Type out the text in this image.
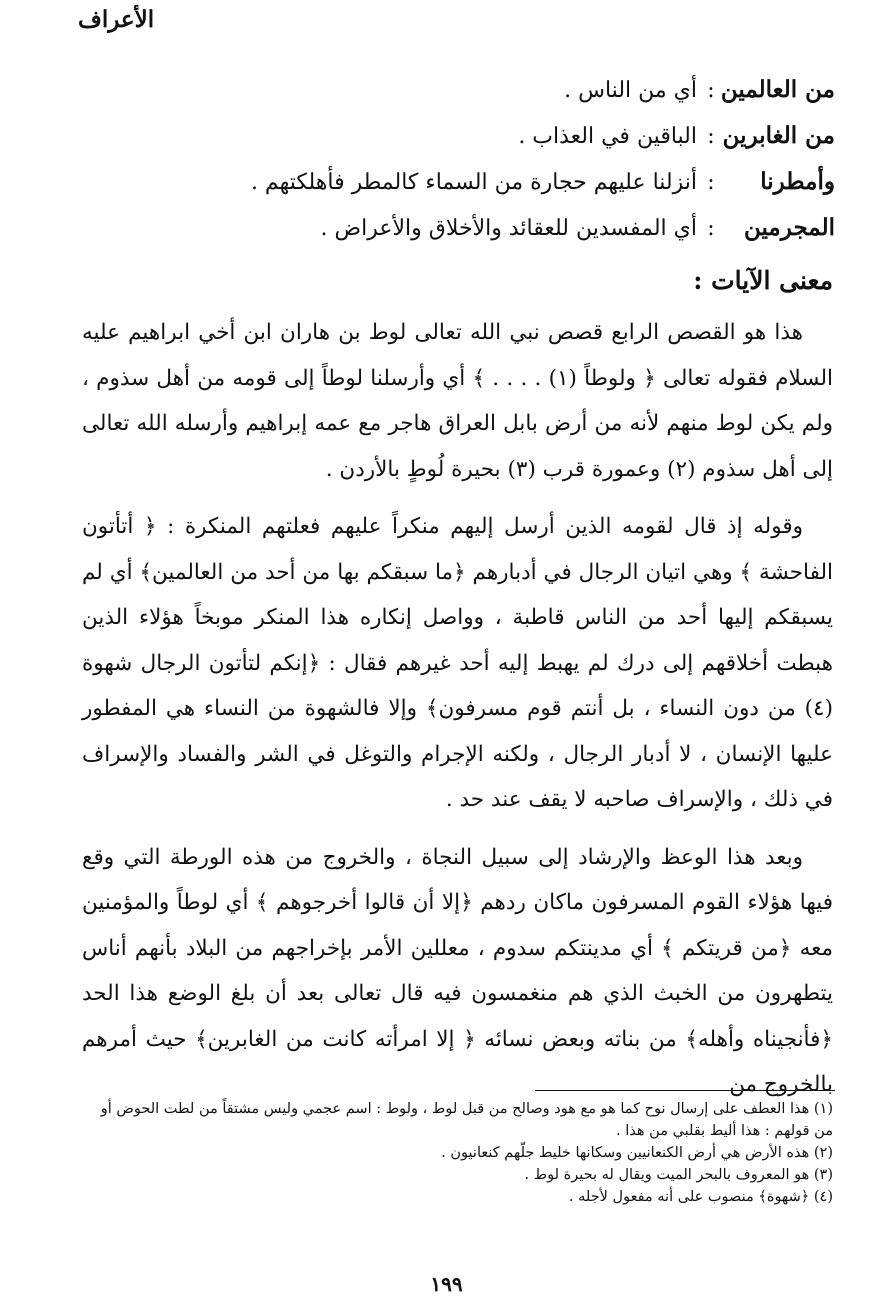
الأعراف
من العالمين
:
أي من الناس .
من الغابرين
:
الباقين في العذاب .
وأمطرنا
:
أنزلنا عليهم حجارة من السماء كالمطر فأهلكتهم .
المجرمين
:
أي المفسدين للعقائد والأخلاق والأعراض .
معنى الآيات :

هذا هو القصص الرابع قصص نبي الله تعالى لوط بن هاران ابن أخي ابراهيم عليه السلام فقوله تعالى ﴿ ولوطاً (١) . . . . ﴾ أي وأرسلنا لوطاً إلى قومه من أهل سذوم ، ولم يكن لوط منهم لأنه من أرض بابل العراق هاجر مع عمه إبراهيم وأرسله الله تعالى إلى أهل سذوم (٢) وعمورة قرب (٣) بحيرة لُوطٍ بالأردن .

وقوله إذ قال لقومه الذين أرسل إليهم منكراً عليهم فعلتهم المنكرة : ﴿ أتأتون الفاحشة ﴾ وهي اتيان الرجال في أدبارهم ﴿ما سبقكم بها من أحد من العالمين﴾ أي لم يسبقكم إليها أحد من الناس قاطبة ، وواصل إنكاره هذا المنكر موبخاً هؤلاء الذين هبطت أخلاقهم إلى درك لم يهبط إليه أحد غيرهم فقال : ﴿إنكم لتأتون الرجال شهوة (٤) من دون النساء ، بل أنتم قوم مسرفون﴾ وإلا فالشهوة من النساء هي المفطور عليها الإنسان ، لا أدبار الرجال ، ولكنه الإجرام والتوغل في الشر والفساد والإسراف في ذلك ، والإسراف صاحبه لا يقف عند حد .

وبعد هذا الوعظ والإرشاد إلى سبيل النجاة ، والخروج من هذه الورطة التي وقع فيها هؤلاء القوم المسرفون ماكان ردهم ﴿إلا أن قالوا أخرجوهم ﴾ أي لوطاً والمؤمنين معه ﴿من قريتكم ﴾ أي مدينتكم سدوم ، معللين الأمر بإخراجهم من البلاد بأنهم أناس يتطهرون من الخبث الذي هم منغمسون فيه قال تعالى بعد أن بلغ الوضع هذا الحد ﴿فأنجيناه وأهله﴾ من بناته وبعض نسائه ﴿ إلا امرأته كانت من الغابرين﴾ حيث أمرهم بالخروج من

(١) هذا العطف على إرسال نوح كما هو مع هود وصالح من قبل لوط ، ولوط : اسم عجمي وليس مشتقاً من لطت الحوض أو من قولهم : هذا أليط بقلبي من هذا .
(٢) هذه الأرض هي أرض الكنعانيين وسكانها خليط جلّهم كنعانيون .
(٣) هو المعروف بالبحر الميت ويقال له بحيرة لوط .
(٤) ﴿شهوة﴾ منصوب على أنه مفعول لأجله .
١٩٩
